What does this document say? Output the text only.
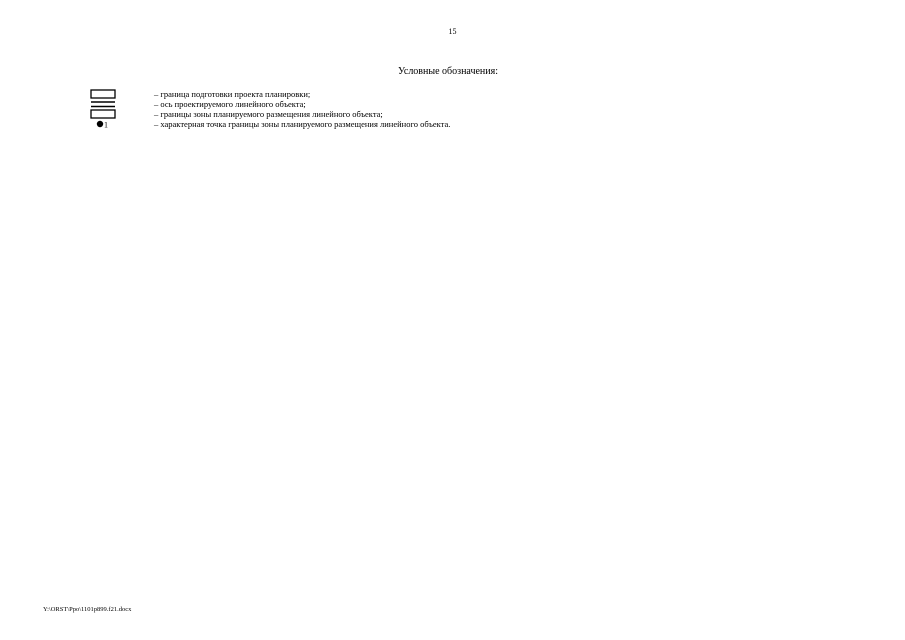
15
Условные обозначения:
– граница подготовки проекта планировки;
– ось проектируемого линейного объекта;
– границы зоны планируемого размещения линейного объекта;
1	– характерная точка границы зоны планируемого размещения линейного объекта.
Y:\ORST\Ppo\1101p899.f21.docx
